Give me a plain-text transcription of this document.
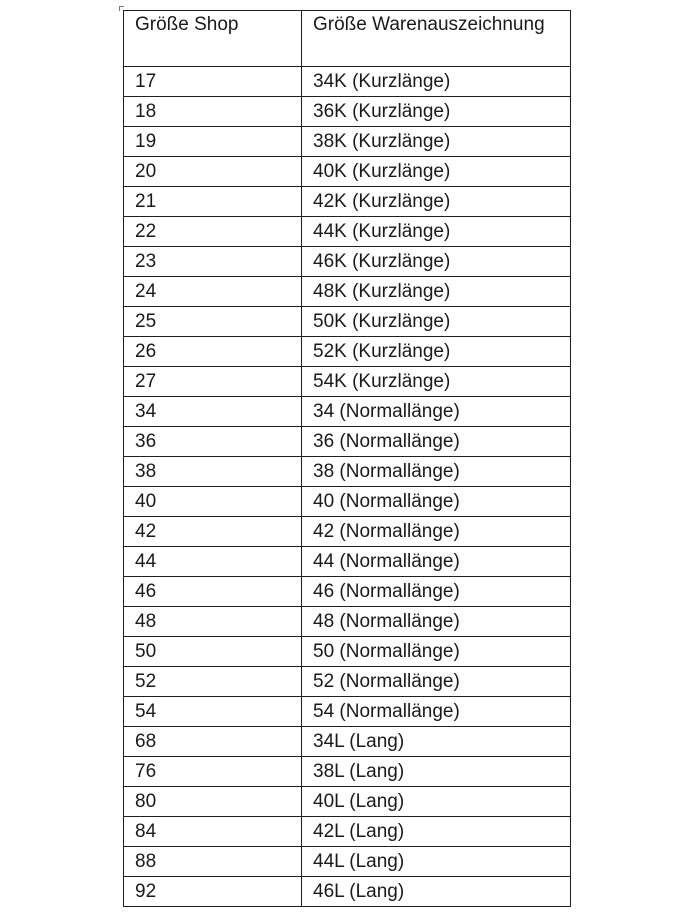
Größe Shop	Größe Warenauszeichnung
17	34K (Kurzlänge)
18	36K (Kurzlänge)
19	38K (Kurzlänge)
20	40K (Kurzlänge)
21	42K (Kurzlänge)
22	44K (Kurzlänge)
23	46K (Kurzlänge)
24	48K (Kurzlänge)
25	50K (Kurzlänge)
26	52K (Kurzlänge)
27	54K (Kurzlänge)
34	34 (Normallänge)
36	36 (Normallänge)
38	38 (Normallänge)
40	40 (Normallänge)
42	42 (Normallänge)
44	44 (Normallänge)
46	46 (Normallänge)
48	48 (Normallänge)
50	50 (Normallänge)
52	52 (Normallänge)
54	54 (Normallänge)
68	34L (Lang)
76	38L (Lang)
80	40L (Lang)
84	42L (Lang)
88	44L (Lang)
92	46L (Lang)
